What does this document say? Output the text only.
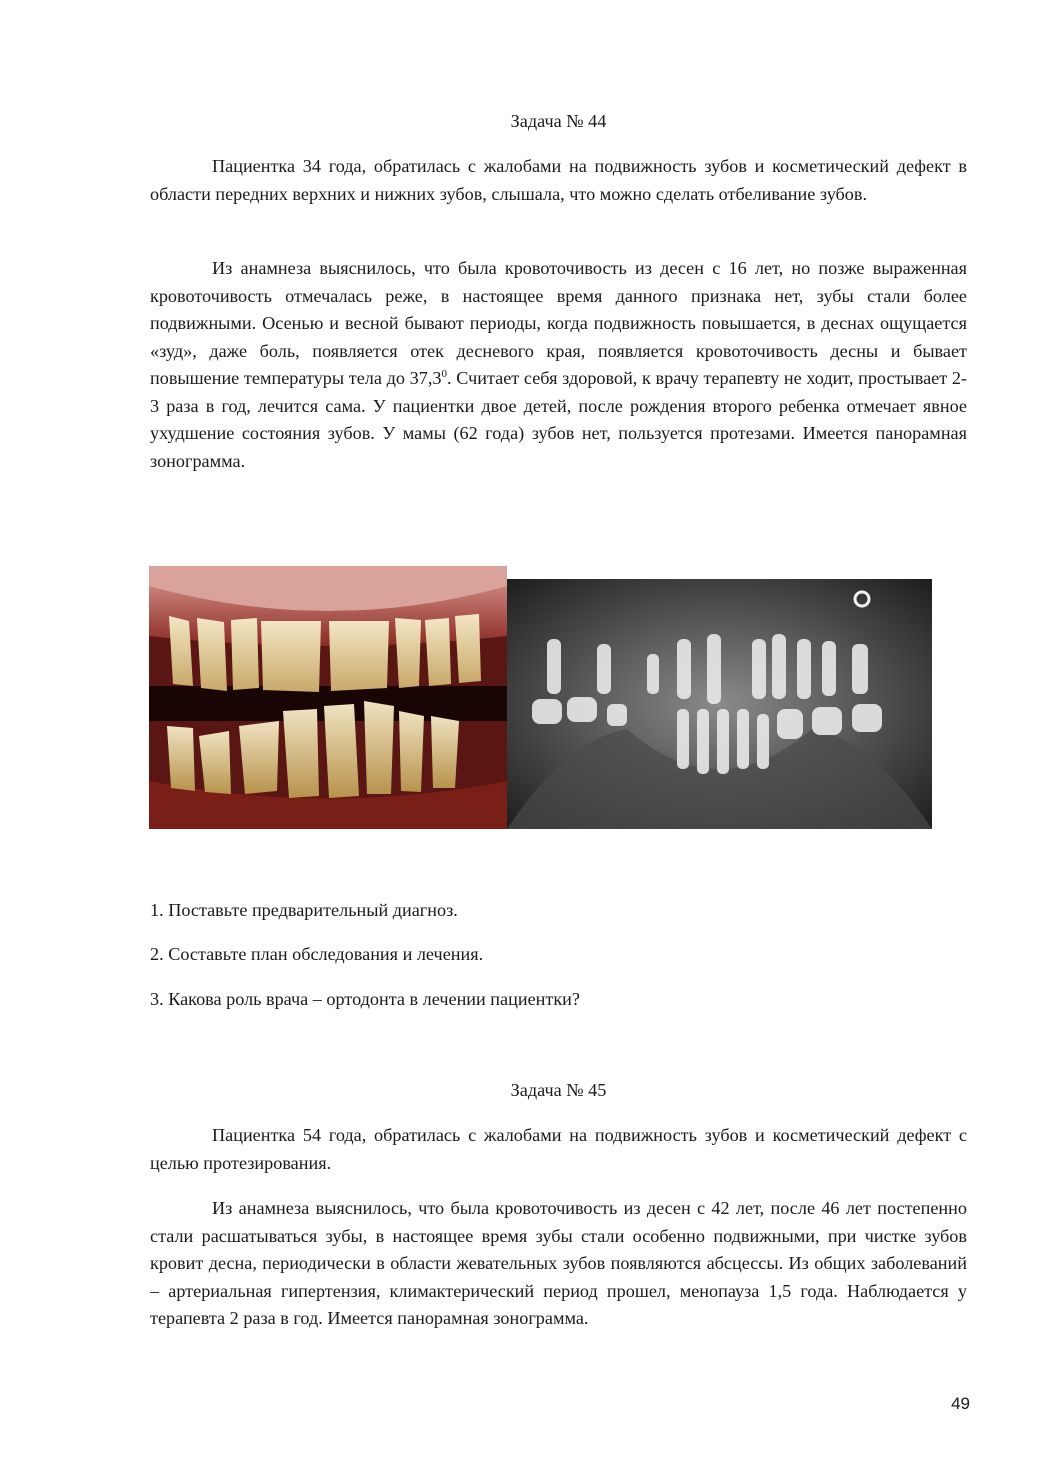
Задача № 44

Пациентка 34 года, обратилась с жалобами на подвижность зубов и косметический дефект в области передних верхних и нижних зубов, слышала, что можно сделать отбеливание зубов.

Из анамнеза выяснилось, что была кровоточивость из десен с 16 лет, но позже выраженная кровоточивость отмечалась реже, в настоящее время данного признака нет, зубы стали более подвижными. Осенью и весной бывают периоды, когда подвижность повышается, в деснах ощущается «зуд», даже боль, появляется отек десневого края, появляется кровоточивость десны и бывает повышение температуры тела до 37,3$^0$. Считает себя здоровой, к врачу терапевту не ходит, простывает 2-3 раза в год, лечится сама. У пациентки двое детей, после рождения второго ребенка отмечает явное ухудшение состояния зубов. У мамы (62 года) зубов нет, пользуется протезами. Имеется панорамная зонограмма.

1. Поставьте предварительный диагноз.
2. Составьте план обследования и лечения.
3. Какова роль врача – ортодонта в лечении пациентки?
Задача № 45

Пациентка 54 года, обратилась с жалобами на подвижность зубов и косметический дефект с целью протезирования.

Из анамнеза выяснилось, что была кровоточивость из десен с 42 лет, после 46 лет постепенно стали расшатываться зубы, в настоящее время зубы стали особенно подвижными, при чистке зубов кровит десна, периодически в области жевательных зубов появляются абсцессы. Из общих заболеваний – артериальная гипертензия, климактерический период прошел, менопауза 1,5 года. Наблюдается у терапевта 2 раза в год. Имеется панорамная зонограмма.

49
